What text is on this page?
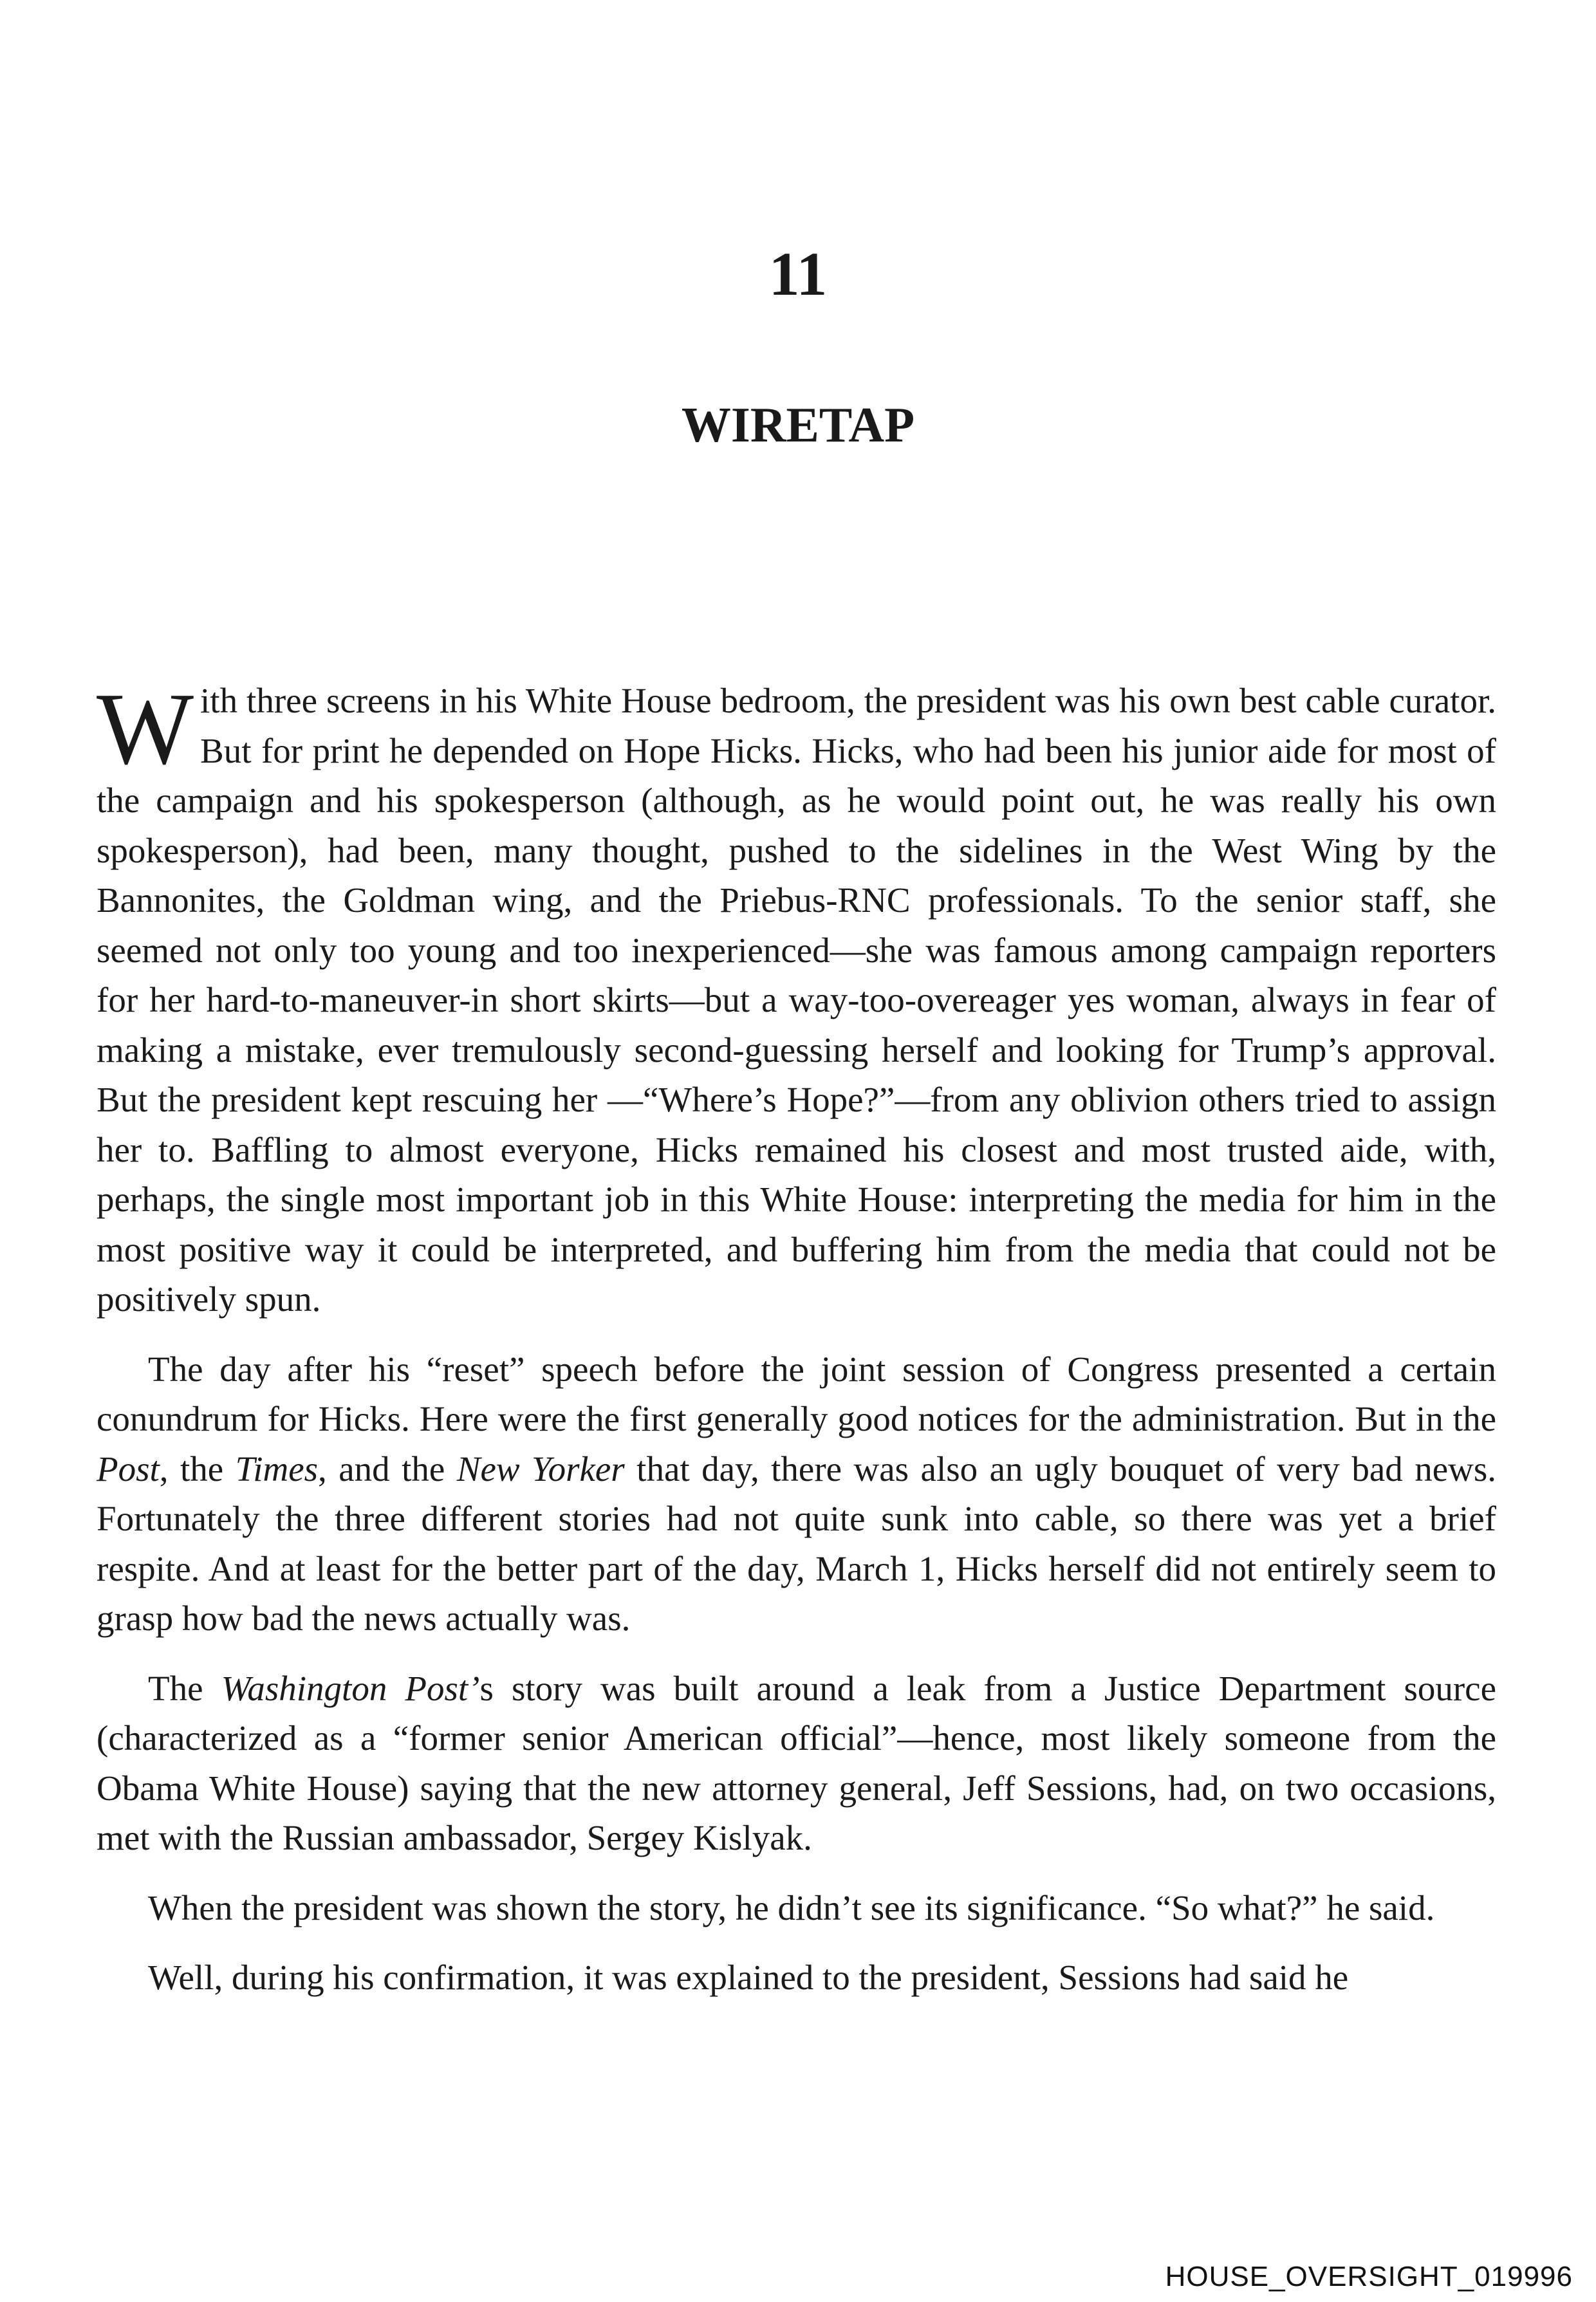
11
WIRETAP

With three screens in his White House bedroom, the president was his own best cable curator. But for print he depended on Hope Hicks. Hicks, who had been his junior aide for most of the campaign and his spokesperson (although, as he would point out, he was really his own spokesperson), had been, many thought, pushed to the sidelines in the West Wing by the Bannonites, the Goldman wing, and the Priebus-RNC professionals. To the senior staff, she seemed not only too young and too inexperienced—she was famous among campaign reporters for her hard-to-maneuver-in short skirts—but a way-too-overeager yes woman, always in fear of making a mistake, ever tremulously second-guessing herself and looking for Trump’s approval. But the president kept rescuing her —“Where’s Hope?”—from any oblivion others tried to assign her to. Baffling to almost everyone, Hicks remained his closest and most trusted aide, with, perhaps, the single most important job in this White House: interpreting the media for him in the most positive way it could be interpreted, and buffering him from the media that could not be positively spun.

The day after his “reset” speech before the joint session of Congress presented a certain conundrum for Hicks. Here were the first generally good notices for the administration. But in the Post, the Times, and the New Yorker that day, there was also an ugly bouquet of very bad news. Fortunately the three different stories had not quite sunk into cable, so there was yet a brief respite. And at least for the better part of the day, March 1, Hicks herself did not entirely seem to grasp how bad the news actually was.

The Washington Post’s story was built around a leak from a Justice Department source (characterized as a “former senior American official”—hence, most likely someone from the Obama White House) saying that the new attorney general, Jeff Sessions, had, on two occasions, met with the Russian ambassador, Sergey Kislyak.

When the president was shown the story, he didn’t see its significance. “So what?” he said.

Well, during his confirmation, it was explained to the president, Sessions had said he

HOUSE_OVERSIGHT_019996
